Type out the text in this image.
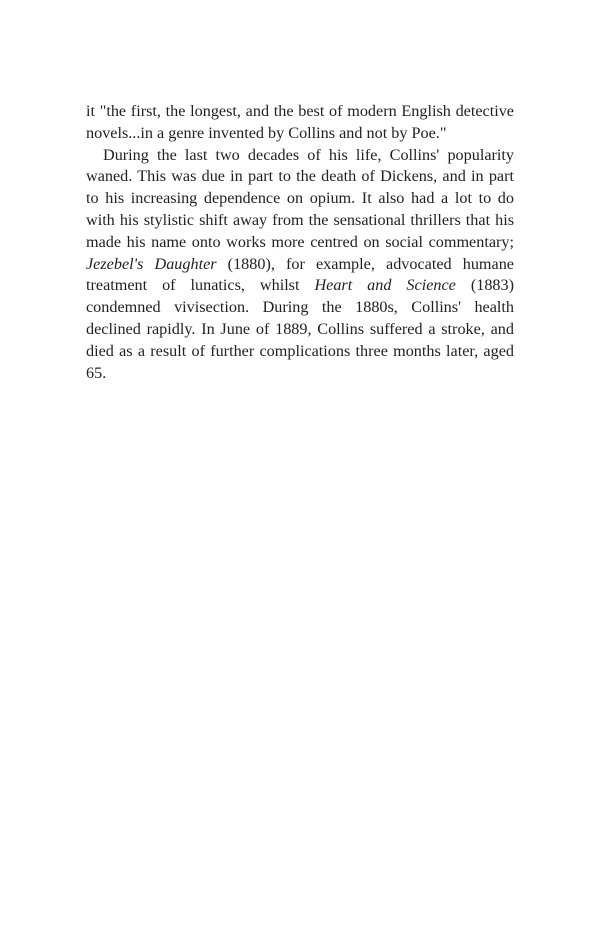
it "the first, the longest, and the best of modern English detective novels...in a genre invented by Collins and not by Poe."

During the last two decades of his life, Collins' popularity waned. This was due in part to the death of Dickens, and in part to his increasing dependence on opium. It also had a lot to do with his stylistic shift away from the sensational thrillers that his made his name onto works more centred on social commentary; Jezebel's Daughter (1880), for example, advocated humane treatment of lunatics, whilst Heart and Science (1883) condemned vivisection. During the 1880s, Collins' health declined rapidly. In June of 1889, Collins suffered a stroke, and died as a result of further complications three months later, aged 65.
